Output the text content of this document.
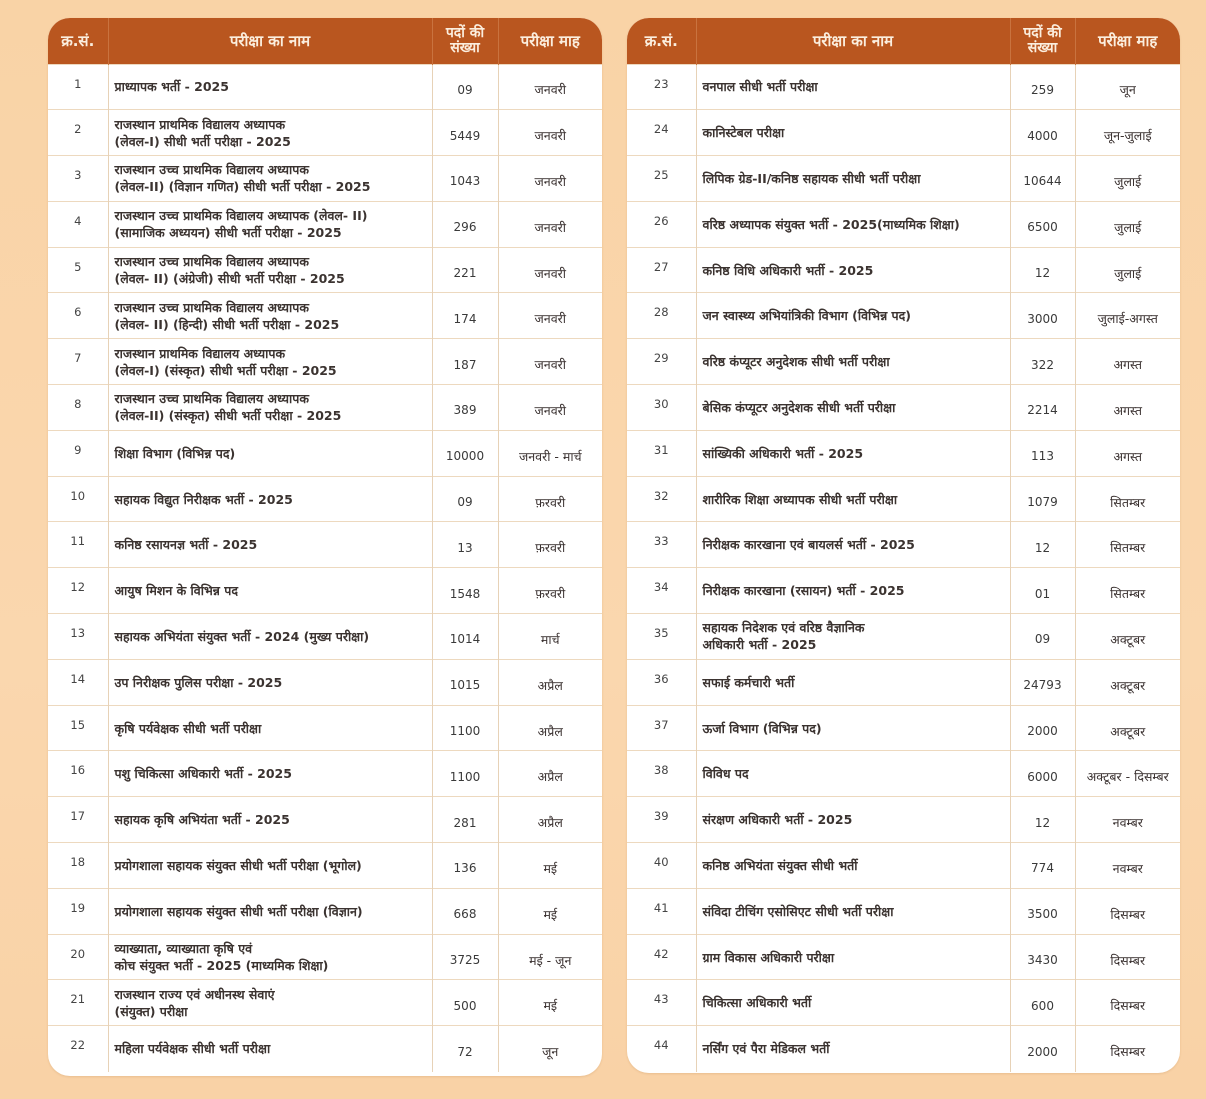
क्र.सं.	परीक्षा का नाम	पदों की
संख्या	परीक्षा माह
1	प्राध्यापक भर्ती - 2025	09	जनवरी
2	राजस्थान प्राथमिक विद्यालय अध्यापक
(लेवल-I) सीधी भर्ती परीक्षा - 2025	5449	जनवरी
3	राजस्थान उच्च प्राथमिक विद्यालय अध्यापक
(लेवल-II) (विज्ञान गणित) सीधी भर्ती परीक्षा - 2025	1043	जनवरी
4	राजस्थान उच्च प्राथमिक विद्यालय अध्यापक (लेवल- II)
(सामाजिक अध्ययन) सीधी भर्ती परीक्षा - 2025	296	जनवरी
5	राजस्थान उच्च प्राथमिक विद्यालय अध्यापक
(लेवल- II) (अंग्रेजी) सीधी भर्ती परीक्षा - 2025	221	जनवरी
6	राजस्थान उच्च प्राथमिक विद्यालय अध्यापक
(लेवल- II) (हिन्दी) सीधी भर्ती परीक्षा - 2025	174	जनवरी
7	राजस्थान प्राथमिक विद्यालय अध्यापक
(लेवल-I) (संस्कृत) सीधी भर्ती परीक्षा - 2025	187	जनवरी
8	राजस्थान उच्च प्राथमिक विद्यालय अध्यापक
(लेवल-II) (संस्कृत) सीधी भर्ती परीक्षा - 2025	389	जनवरी
9	शिक्षा विभाग (विभिन्न पद)	10000	जनवरी - मार्च
10	सहायक विद्युत निरीक्षक भर्ती - 2025	09	फ़रवरी
11	कनिष्ठ रसायनज्ञ भर्ती - 2025	13	फ़रवरी
12	आयुष मिशन के विभिन्न पद	1548	फ़रवरी
13	सहायक अभियंता संयुक्त भर्ती - 2024 (मुख्य परीक्षा)	1014	मार्च
14	उप निरीक्षक पुलिस परीक्षा - 2025	1015	अप्रैल
15	कृषि पर्यवेक्षक सीधी भर्ती परीक्षा	1100	अप्रैल
16	पशु चिकित्सा अधिकारी भर्ती - 2025	1100	अप्रैल
17	सहायक कृषि अभियंता भर्ती - 2025	281	अप्रैल
18	प्रयोगशाला सहायक संयुक्त सीधी भर्ती परीक्षा (भूगोल)	136	मई
19	प्रयोगशाला सहायक संयुक्त सीधी भर्ती परीक्षा (विज्ञान)	668	मई
20	व्याख्याता, व्याख्याता कृषि एवं
कोच संयुक्त भर्ती - 2025 (माध्यमिक शिक्षा)	3725	मई - जून
21	राजस्थान राज्य एवं अधीनस्थ सेवाएं
(संयुक्त) परीक्षा	500	मई
22	महिला पर्यवेक्षक सीधी भर्ती परीक्षा	72	जून
क्र.सं.	परीक्षा का नाम	पदों की
संख्या	परीक्षा माह
23	वनपाल सीधी भर्ती परीक्षा	259	जून
24	कानिस्टेबल परीक्षा	4000	जून-जुलाई
25	लिपिक ग्रेड-II/कनिष्ठ सहायक सीधी भर्ती परीक्षा	10644	जुलाई
26	वरिष्ठ अध्यापक संयुक्त भर्ती - 2025(माध्यमिक शिक्षा)	6500	जुलाई
27	कनिष्ठ विधि अधिकारी भर्ती - 2025	12	जुलाई
28	जन स्वास्थ्य अभियांत्रिकी विभाग (विभिन्न पद)	3000	जुलाई-अगस्त
29	वरिष्ठ कंप्यूटर अनुदेशक सीधी भर्ती परीक्षा	322	अगस्त
30	बेसिक कंप्यूटर अनुदेशक सीधी भर्ती परीक्षा	2214	अगस्त
31	सांख्यिकी अधिकारी भर्ती - 2025	113	अगस्त
32	शारीरिक शिक्षा अध्यापक सीधी भर्ती परीक्षा	1079	सितम्बर
33	निरीक्षक कारखाना एवं बायलर्स भर्ती - 2025	12	सितम्बर
34	निरीक्षक कारखाना (रसायन) भर्ती - 2025	01	सितम्बर
35	सहायक निदेशक एवं वरिष्ठ वैज्ञानिक
अधिकारी भर्ती - 2025	09	अक्टूबर
36	सफाई कर्मचारी भर्ती	24793	अक्टूबर
37	ऊर्जा विभाग (विभिन्न पद)	2000	अक्टूबर
38	विविध पद	6000	अक्टूबर - दिसम्बर
39	संरक्षण अधिकारी भर्ती - 2025	12	नवम्बर
40	कनिष्ठ अभियंता संयुक्त सीधी भर्ती	774	नवम्बर
41	संविदा टीचिंग एसोसिएट सीधी भर्ती परीक्षा	3500	दिसम्बर
42	ग्राम विकास अधिकारी परीक्षा	3430	दिसम्बर
43	चिकित्सा अधिकारी भर्ती	600	दिसम्बर
44	नर्सिंग एवं पैरा मेडिकल भर्ती	2000	दिसम्बर
